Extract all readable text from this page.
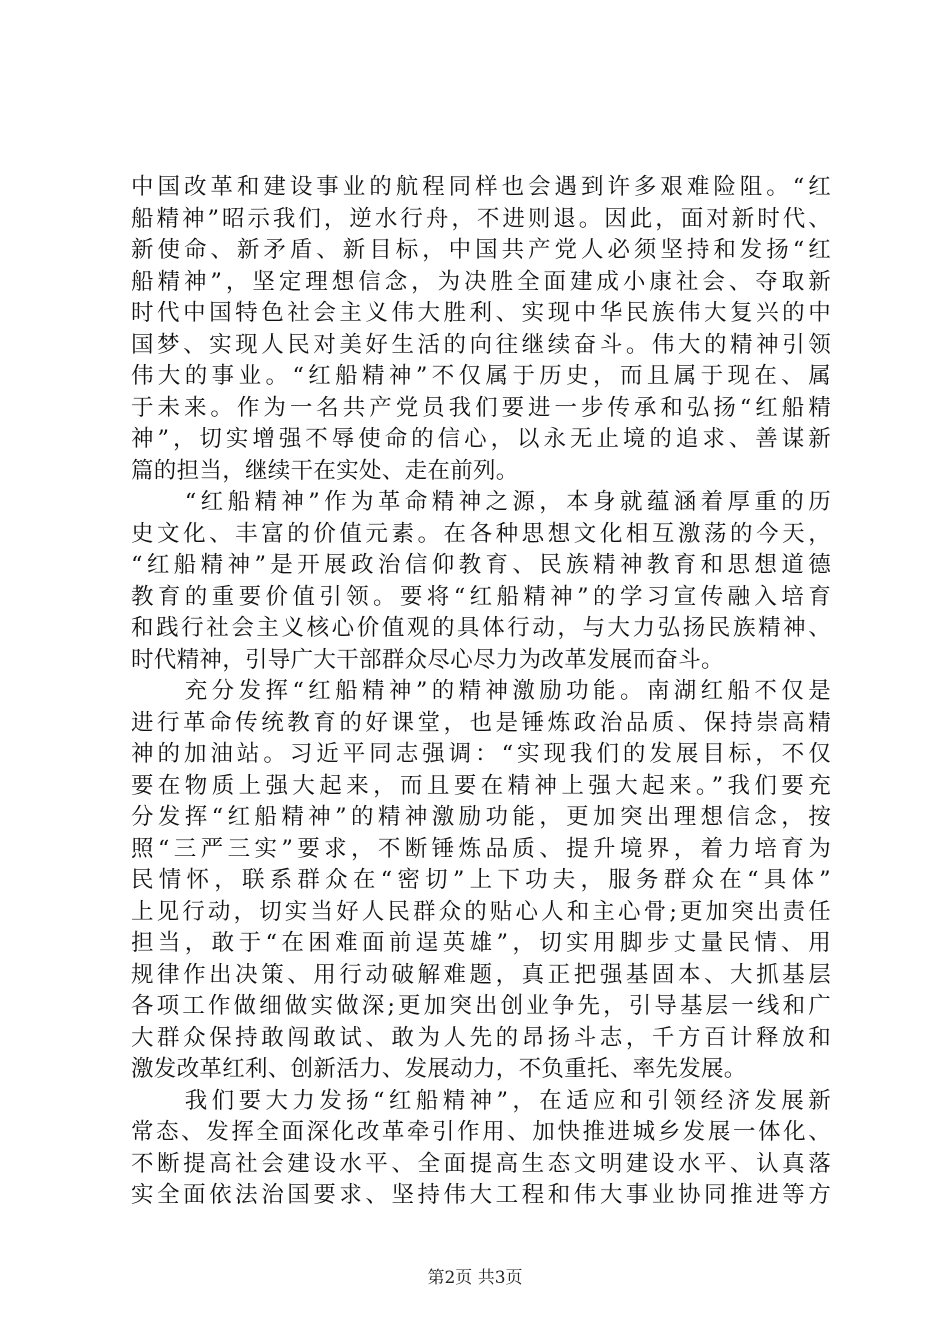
中国改革和建设事业的航程同样也会遇到许多艰难险阻。“红
船精神”昭示我们，逆水行舟，不进则退。因此，面对新时代、
新使命、新矛盾、新目标，中国共产党人必须坚持和发扬“红
船精神”，坚定理想信念，为决胜全面建成小康社会、夺取新
时代中国特色社会主义伟大胜利、实现中华民族伟大复兴的中
国梦、实现人民对美好生活的向往继续奋斗。伟大的精神引领
伟大的事业。“红船精神”不仅属于历史，而且属于现在、属
于未来。作为一名共产党员我们要进一步传承和弘扬“红船精
神”，切实增强不辱使命的信心，以永无止境的追求、善谋新
篇的担当，继续干在实处、走在前列。
　　“红船精神”作为革命精神之源，本身就蕴涵着厚重的历
史文化、丰富的价值元素。在各种思想文化相互激荡的今天，
“红船精神”是开展政治信仰教育、民族精神教育和思想道德
教育的重要价值引领。要将“红船精神”的学习宣传融入培育
和践行社会主义核心价值观的具体行动，与大力弘扬民族精神、
时代精神，引导广大干部群众尽心尽力为改革发展而奋斗。
　　充分发挥“红船精神”的精神激励功能。南湖红船不仅是
进行革命传统教育的好课堂，也是锤炼政治品质、保持崇高精
神的加油站。习近平同志强调：“实现我们的发展目标，不仅
要在物质上强大起来，而且要在精神上强大起来。”我们要充
分发挥“红船精神”的精神激励功能，更加突出理想信念，按
照“三严三实”要求，不断锤炼品质、提升境界，着力培育为
民情怀，联系群众在“密切”上下功夫，服务群众在“具体”
上见行动，切实当好人民群众的贴心人和主心骨;更加突出责任
担当，敢于“在困难面前逞英雄”，切实用脚步丈量民情、用
规律作出决策、用行动破解难题，真正把强基固本、大抓基层
各项工作做细做实做深;更加突出创业争先，引导基层一线和广
大群众保持敢闯敢试、敢为人先的昂扬斗志，千方百计释放和
激发改革红利、创新活力、发展动力，不负重托、率先发展。
　　我们要大力发扬“红船精神”，在适应和引领经济发展新
常态、发挥全面深化改革牵引作用、加快推进城乡发展一体化、
不断提高社会建设水平、全面提高生态文明建设水平、认真落
实全面依法治国要求、坚持伟大工程和伟大事业协同推进等方
第2页 共3页
